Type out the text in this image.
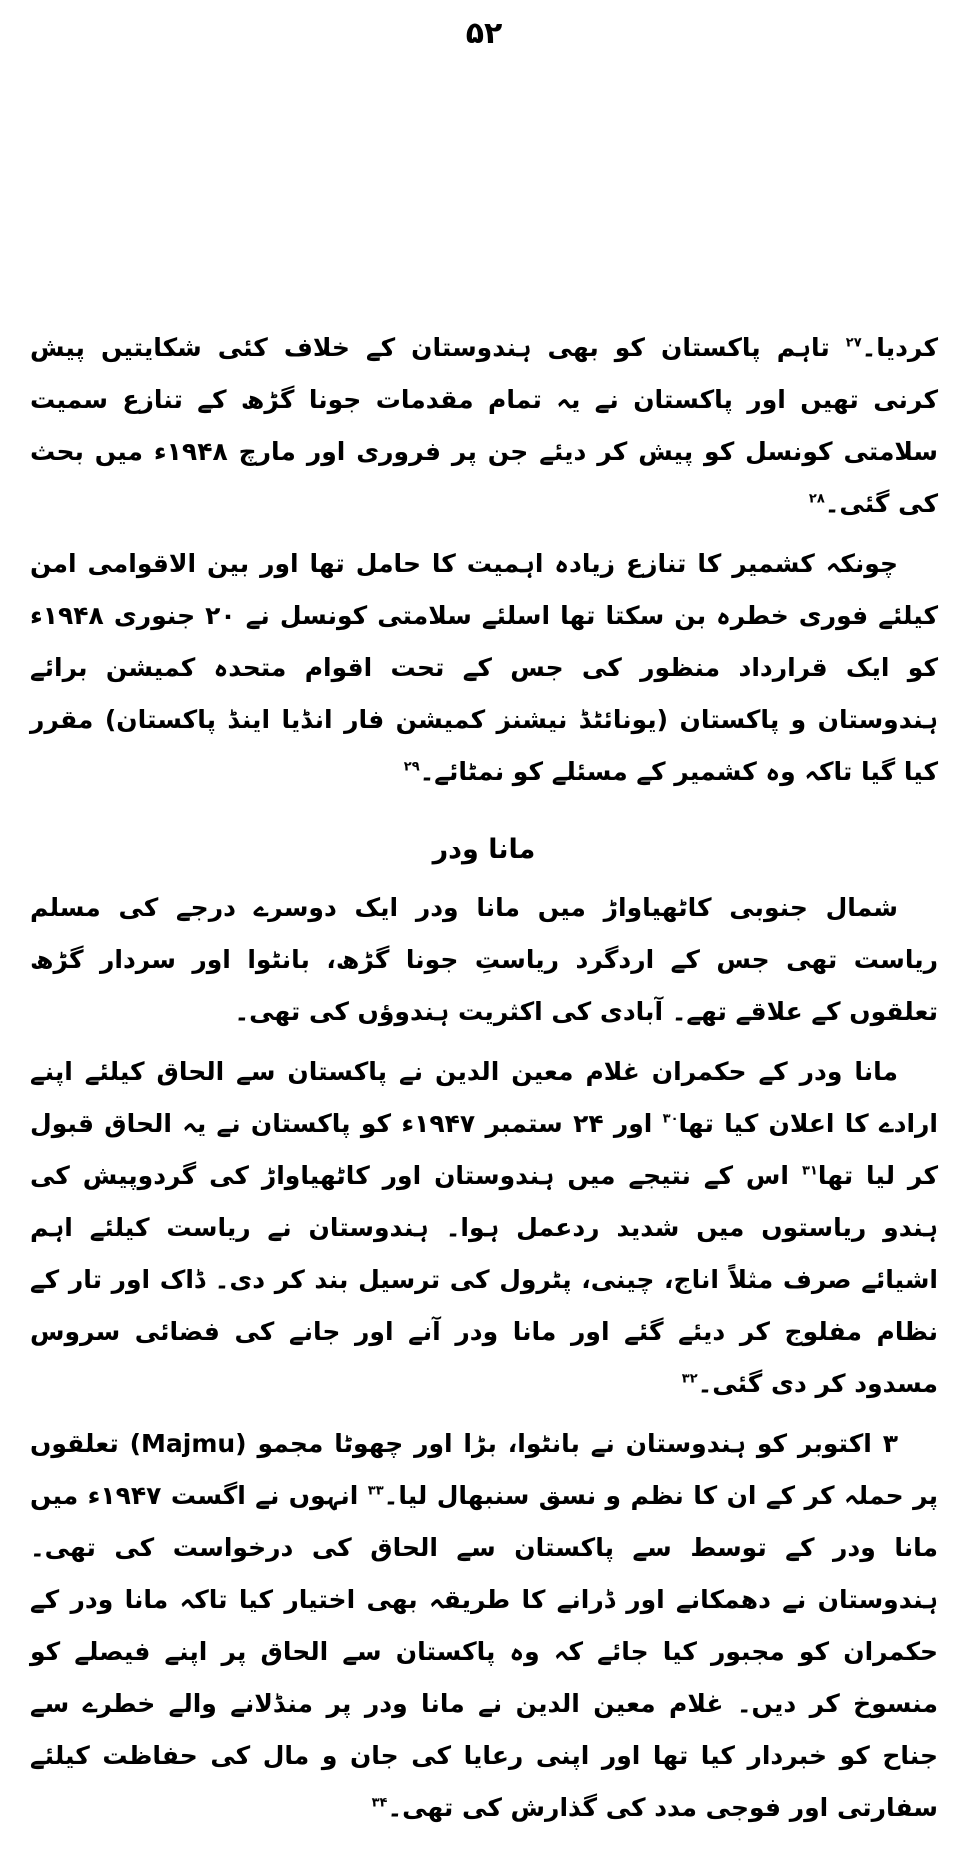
۵۲

کردیا۔$^{۲۷}$ تاہم پاکستان کو بھی ہندوستان کے خلاف کئی شکایتیں پیش کرنی تھیں اور پاکستان نے یہ تمام مقدمات جونا گڑھ کے تنازع سمیت سلامتی کونسل کو پیش کر دیئے جن پر فروری اور مارچ ۱۹۴۸ء میں بحث کی گئی۔$^{۲۸}$

چونکہ کشمیر کا تنازع زیادہ اہمیت کا حامل تھا اور بین الاقوامی امن کیلئے فوری خطرہ بن سکتا تھا اسلئے سلامتی کونسل نے ۲۰ جنوری ۱۹۴۸ء کو ایک قرارداد منظور کی جس کے تحت اقوام متحدہ کمیشن برائے ہندوستان و پاکستان (یونائٹڈ نیشنز کمیشن فار انڈیا اینڈ پاکستان) مقرر کیا گیا تاکہ وہ کشمیر کے مسئلے کو نمٹائے۔$^{۲۹}$

مانا ودر

شمال جنوبی کاٹھیاواڑ میں مانا ودر ایک دوسرے درجے کی مسلم ریاست تھی جس کے اردگرد ریاستِ جونا گڑھ، بانٹوا اور سردار گڑھ تعلقوں کے علاقے تھے۔ آبادی کی اکثریت ہندوؤں کی تھی۔

مانا ودر کے حکمران غلام معین الدین نے پاکستان سے الحاق کیلئے اپنے ارادے کا اعلان کیا تھا$^{۳۰}$ اور ۲۴ ستمبر ۱۹۴۷ء کو پاکستان نے یہ الحاق قبول کر لیا تھا$^{۳۱}$ اس کے نتیجے میں ہندوستان اور کاٹھیاواڑ کی گردوپیش کی ہندو ریاستوں میں شدید ردعمل ہوا۔ ہندوستان نے ریاست کیلئے اہم اشیائے صرف مثلاً اناج، چینی، پٹرول کی ترسیل بند کر دی۔ ڈاک اور تار کے نظام مفلوج کر دیئے گئے اور مانا ودر آنے اور جانے کی فضائی سروس مسدود کر دی گئی۔$^{۳۲}$

۳ اکتوبر کو ہندوستان نے بانٹوا، بڑا اور چھوٹا مجمو (Majmu) تعلقوں پر حملہ کر کے ان کا نظم و نسق سنبھال لیا۔$^{۳۳}$ انہوں نے اگست ۱۹۴۷ء میں مانا ودر کے توسط سے پاکستان سے الحاق کی درخواست کی تھی۔ ہندوستان نے دھمکانے اور ڈرانے کا طریقہ بھی اختیار کیا تاکہ مانا ودر کے حکمران کو مجبور کیا جائے کہ وہ پاکستان سے الحاق پر اپنے فیصلے کو منسوخ کر دیں۔ غلام معین الدین نے مانا ودر پر منڈلانے والے خطرے سے جناح کو خبردار کیا تھا اور اپنی رعایا کی جان و مال کی حفاظت کیلئے سفارتی اور فوجی مدد کی گذارش کی تھی۔$^{۳۴}$
